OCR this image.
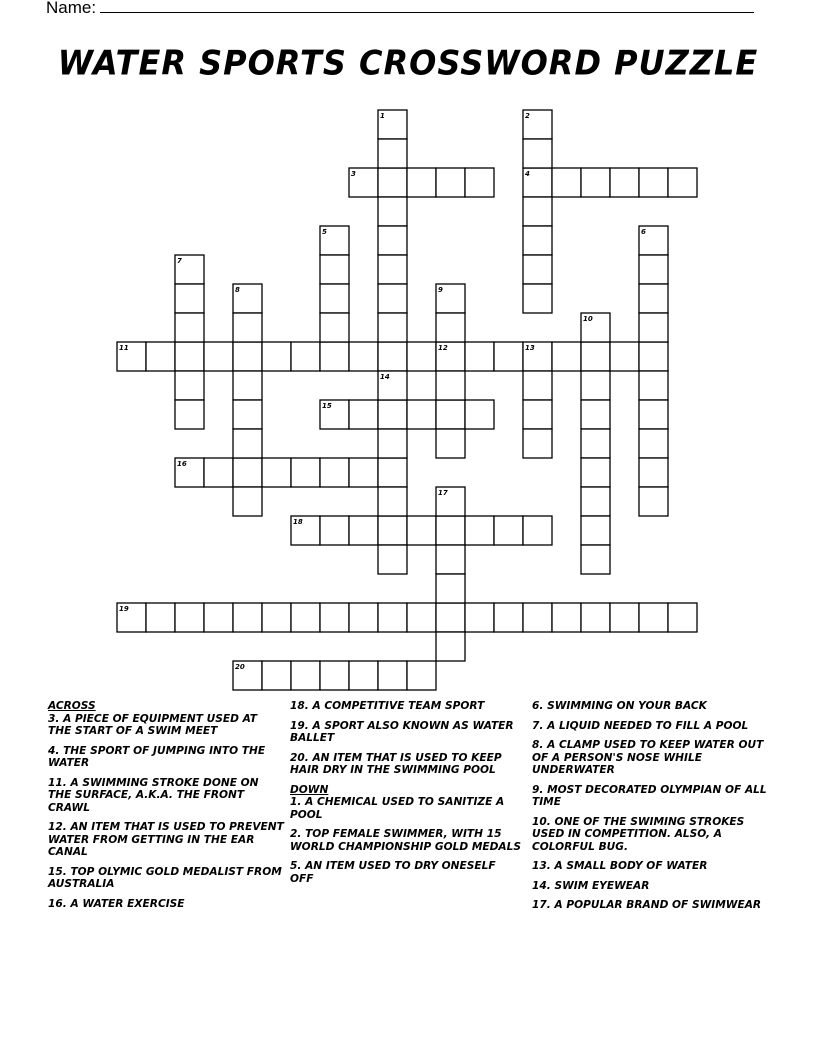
Name:
WATER SPORTS CROSSWORD PUZZLE
3	4
11	12
15
16
18
19
20
1	2
5	6
7
8	9
10
13
14
17
ACROSS
3. A PIECE OF EQUIPMENT USED AT THE START OF A SWIM MEET
4. THE SPORT OF JUMPING INTO THE WATER
11. A SWIMMING STROKE DONE ON THE SURFACE, A.K.A. THE FRONT CRAWL
12. AN ITEM THAT IS USED TO PREVENT WATER FROM GETTING IN THE EAR CANAL
15. TOP OLYMIC GOLD MEDALIST FROM AUSTRALIA
16. A WATER EXERCISE
18. A COMPETITIVE TEAM SPORT
19. A SPORT ALSO KNOWN AS WATER BALLET
20. AN ITEM THAT IS USED TO KEEP HAIR DRY IN THE SWIMMING POOL
DOWN
1. A CHEMICAL USED TO SANITIZE A POOL
2. TOP FEMALE SWIMMER, WITH 15 WORLD CHAMPIONSHIP GOLD MEDALS
5. AN ITEM USED TO DRY ONESELF OFF
6. SWIMMING ON YOUR BACK
7. A LIQUID NEEDED TO FILL A POOL
8. A CLAMP USED TO KEEP WATER OUT OF A PERSON'S NOSE WHILE UNDERWATER
9. MOST DECORATED OLYMPIAN OF ALL TIME
10. ONE OF THE SWIMING STROKES USED IN COMPETITION. ALSO, A COLORFUL BUG.
13. A SMALL BODY OF WATER
14. SWIM EYEWEAR
17. A POPULAR BRAND OF SWIMWEAR
